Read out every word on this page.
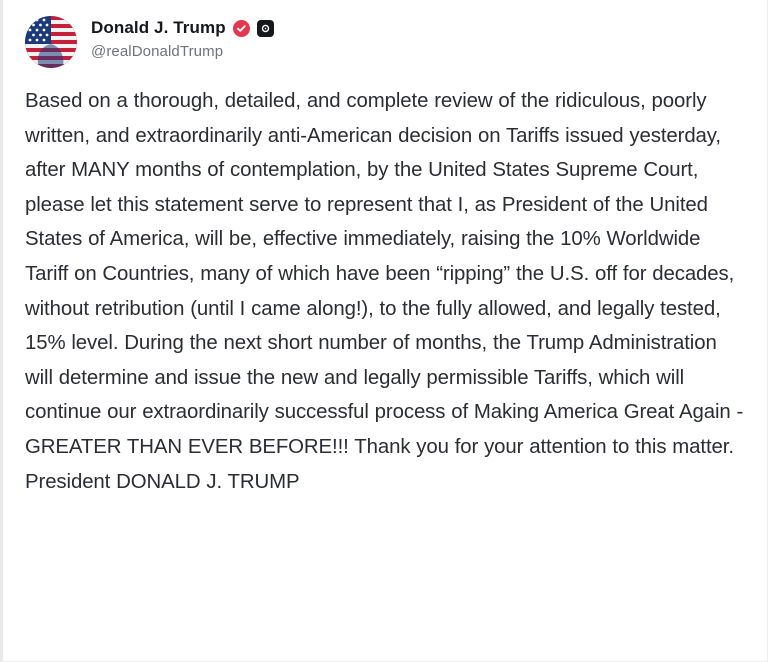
Donald J. Trump
@realDonaldTrump

Based on a thorough, detailed, and complete review of the ridiculous, poorly written, and extraordinarily anti-American decision on Tariffs issued yesterday, after MANY months of contemplation, by the United States Supreme Court, please let this statement serve to represent that I, as President of the United States of America, will be, effective immediately, raising the 10% Worldwide Tariff on Countries, many of which have been “ripping” the U.S. off for decades, without retribution (until I came along!), to the fully allowed, and legally tested, 15% level. During the next short number of months, the Trump Administration will determine and issue the new and legally permissible Tariffs, which will continue our extraordinarily successful process of Making America Great Again - GREATER THAN EVER BEFORE!!! Thank you for your attention to this matter. President DONALD J. TRUMP
